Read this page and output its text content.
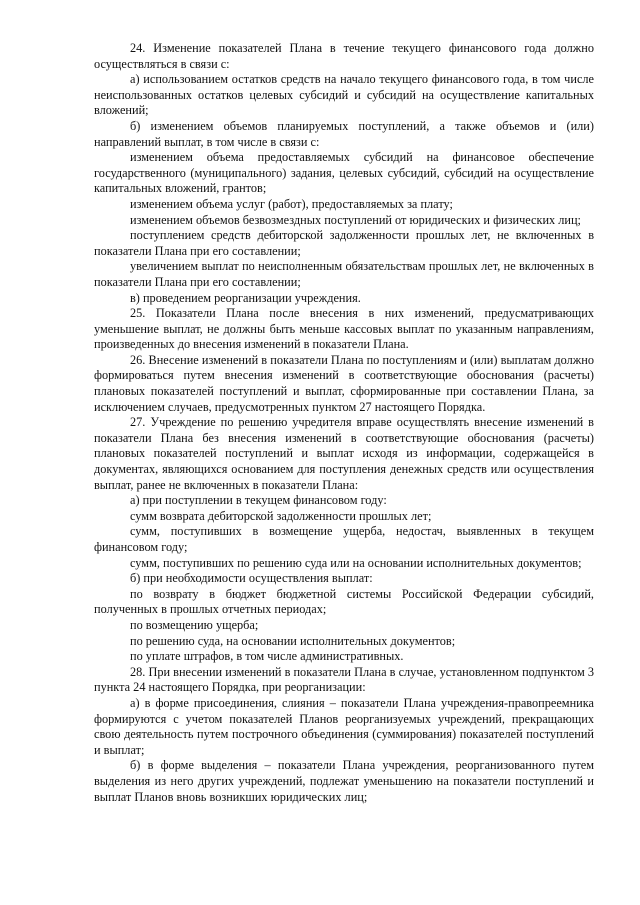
24. Изменение показателей Плана в течение текущего финансового года должно осуществляться в связи с:

а) использованием остатков средств на начало текущего финансового года, в том числе неиспользованных остатков целевых субсидий и субсидий на осуществление капитальных вложений;

б) изменением объемов планируемых поступлений, а также объемов и (или) направлений выплат, в том числе в связи с:

изменением объема предоставляемых субсидий на финансовое обеспечение государственного (муниципального) задания, целевых субсидий, субсидий на осуществление капитальных вложений, грантов;

изменением объема услуг (работ), предоставляемых за плату;

изменением объемов безвозмездных поступлений от юридических и физических лиц;

поступлением средств дебиторской задолженности прошлых лет, не включенных в показатели Плана при его составлении;

увеличением выплат по неисполненным обязательствам прошлых лет, не включенных в показатели Плана при его составлении;

в) проведением реорганизации учреждения.

25. Показатели Плана после внесения в них изменений, предусматривающих уменьшение выплат, не должны быть меньше кассовых выплат по указанным направлениям, произведенных до внесения изменений в показатели Плана.

26. Внесение изменений в показатели Плана по поступлениям и (или) выплатам должно формироваться путем внесения изменений в соответствующие обоснования (расчеты) плановых показателей поступлений и выплат, сформированные при составлении Плана, за исключением случаев, предусмотренных пунктом 27 настоящего Порядка.

27. Учреждение по решению учредителя вправе осуществлять внесение изменений в показатели Плана без внесения изменений в соответствующие обоснования (расчеты) плановых показателей поступлений и выплат исходя из информации, содержащейся в документах, являющихся основанием для поступления денежных средств или осуществления выплат, ранее не включенных в показатели Плана:

а) при поступлении в текущем финансовом году:

сумм возврата дебиторской задолженности прошлых лет;

сумм, поступивших в возмещение ущерба, недостач, выявленных в текущем финансовом году;

сумм, поступивших по решению суда или на основании исполнительных документов;

б) при необходимости осуществления выплат:

по возврату в бюджет бюджетной системы Российской Федерации субсидий, полученных в прошлых отчетных периодах;

по возмещению ущерба;

по решению суда, на основании исполнительных документов;

по уплате штрафов, в том числе административных.

28. При внесении изменений в показатели Плана в случае, установленном подпунктом 3 пункта 24 настоящего Порядка, при реорганизации:

а) в форме присоединения, слияния – показатели Плана учреждения-правопреемника формируются с учетом показателей Планов реорганизуемых учреждений, прекращающих свою деятельность путем построчного объединения (суммирования) показателей поступлений и выплат;

б) в форме выделения – показатели Плана учреждения, реорганизованного путем выделения из него других учреждений, подлежат уменьшению на показатели поступлений и выплат Планов вновь возникших юридических лиц;
